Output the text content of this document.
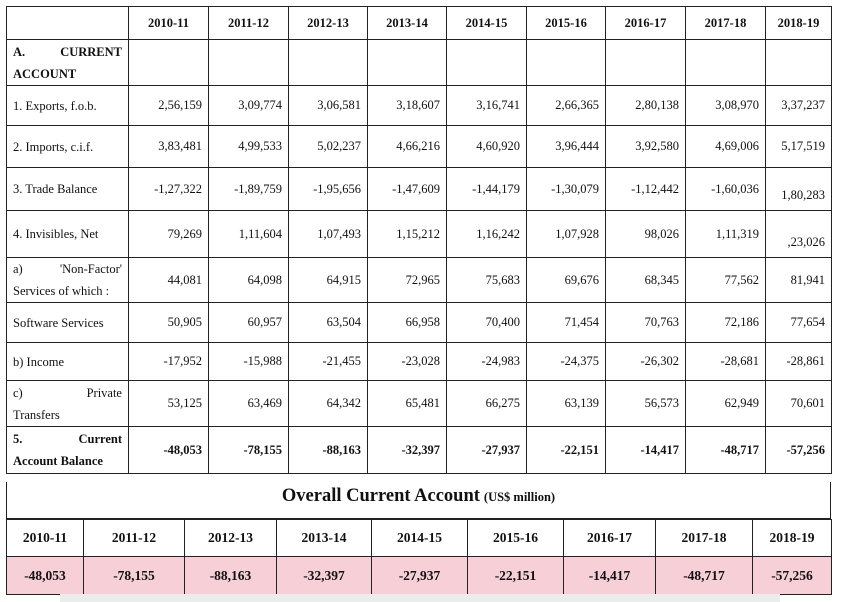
	2010-11	2011-12	2012-13	2013-14	2014-15	2015-16	2016-17	2017-18	2018-19

A. CURRENT
ACCOUNT									

1. Exports, f.o.b.	2,56,159	3,09,774	3,06,581	3,18,607	3,16,741	2,66,365	2,80,138	3,08,970	3,37,237
2. Imports, c.i.f.	3,83,481	4,99,533	5,02,237	4,66,216	4,60,920	3,96,444	3,92,580	4,69,006	5,17,519
3. Trade Balance	-1,27,322	-1,89,759	-1,95,656	-1,47,609	-1,44,179	-1,30,079	-1,12,442	-1,60,036	1,80,283
4. Invisibles, Net	79,269	1,11,604	1,07,493	1,15,212	1,16,242	1,07,928	98,026	1,11,319	,23,026

a) 'Non-Factor'
Services of which :	44,081	64,098	64,915	72,965	75,683	69,676	68,345	77,562	81,941
Software Services	50,905	60,957	63,504	66,958	70,400	71,454	70,763	72,186	77,654
b) Income	-17,952	-15,988	-21,455	-23,028	-24,983	-24,375	-26,302	-28,681	-28,861

c) Private
Transfers	53,125	63,469	64,342	65,481	66,275	63,139	56,573	62,949	70,601

5. Current
Account Balance	-48,053	-78,155	-88,163	-32,397	-27,937	-22,151	-14,417	-48,717	-57,256
Overall Current Account (US$ million)
2010-11	2011-12	2012-13	2013-14	2014-15	2015-16	2016-17	2017-18	2018-19
-48,053	-78,155	-88,163	-32,397	-27,937	-22,151	-14,417	-48,717	-57,256
